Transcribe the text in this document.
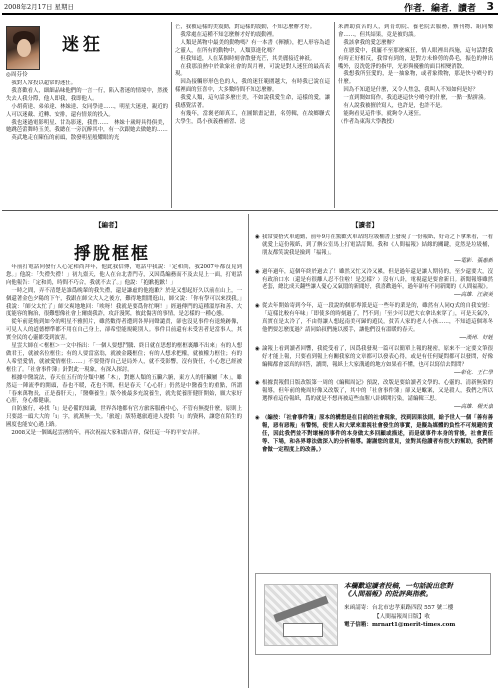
2008年2月17日 星期日	作者．編者．讀者 3
迷狂
◎周芬伶

我對人常投以超常的迷狂。

我喜歡看人，細細品味他們的一言一行，陷入著迷的情境中，然後失去人我分際，他人即我，我即他人。

小胡荷達、弟弟達、林妹達、女同學達……，明星大迷達，親近的人可以迷戴、近轉、安排，還有情景的投入。

我也迷過電影明星、甘為影迷，我曾……　林妹十歲時具得俱美，她跳芭蕾舞時玉美，我總在一旁沉醉其中，有一次跟她去做她的……

英武地走在陳伍的前頭，散發明星般耀眼的光

芒，我被這樣的美震動，對這樣的震動，不知怎麼辦才好。

我常處在這種不知怎麼辦才好的震動裡。

人類是萬物中最美的動物嗎？有一本書《揮擴》，把人形容為道之靈人，在所有的動物中，人類算進化嗎？

但我知道，人在某個時刻會散發光芒，其美麗接近神祇。

在我那浪熱中於欲象社會的異月裡，可說是對人迷狂的最高表現。

因為接觸形形色色的人，我的迷狂範圍越大，有時我已說在這樣裡面的狂喜中，大多數時間不知怎麼辦。

我愛人類，這句話多麼庄美，不如說我愛生命，這樣的愛，讓我感覺活著。

有幾年，當褒老師真工，在圖館畫記畫，名剪輯，在故鄉聯式大學生，爲小孩義務補習、送

米濟助貧苦的人，到育幼院、養老院去服務，辦刊物、組同樂會……，但其結果，竟是被約談。

我該拿我的愛怎麼辦？

在戀愛中，我屢不至那麼瘋狂，情人眼裡出西施，這句話對我有時正好相反，我常有到的，是對方未修剪的鼻毛，振色的伸出嘴外，沒洗乾淨的指甲，光彩與優雅的面目相變消散。

我想我所狂愛的，是一抽象物，或者象徵物，那是快兮噴兮的什麼。

因為不知道是什麼，又令人焦急，我叫人不知如何是好？

一直到閱如寫作，我追逐這快兮噴兮的什麼，一點一點拼湊。

有人說我被擅於寫人，也許是，也許不是。

能夠看見這件事，就夠令人迷狂。

（作者為東海大學教授）

【編者】
掙脫框框

年前打電話向發行人心定和尚拜年，他此我信傳，電話中我說：「定和尚，我2007年都沒見到您。」他說：「失禮失禮！」初九齋天，他人在台北書門寺，又因爲編務而不及去見上一面，打電話向他報告：「定和尚，時間不巧合，我就不去了。」他說：「抱歉抱歉！」

一時之間，弄不清楚是誰爲晚輩的我失禮，還是謙虛的他抱歉？於是又想起好久以前在山上，一個還著金色夕陽的下午，我跟在師父大人之後方，難得地閒閒逛山，師父說：「你有學可以來找我。」我說：「師父太忙了」師父爽地地回：「唉呀！我就是要爲你忙啊！」經過傳門的這種溫厚和善、大度能容的胸治，很難想像社會上爾虞我詐，攻訐漫罵，彼此傷害的事情，是怎樣的一種心態。

從年前延燒到如今的明星不雅照片，雖然數得者遭到各界同聲譴責，卻也沒見事件有退燒跡像，可見人人的道德標準都不用在自己身上，卻希望能規範別人。事件目前還有未受害者是當事人，其實全民的心靈都受到波害。

星雲大師在＜框框＞一文中指出：「一個人要想鬥騰、終日就在思想的框框裏離不出來」有的人想做君王，就被名位框住；有的人要當富翁，就被金錢框住；有的人想求把權，就被權力框住；有的人希望愛情，就被愛情框住……」不要覺得自己是局外人，就不受影響，沒有資任，小心您已經被框住了。「社會事件簿」針對此一現象，有深入探討。

根據中醫說法，春天在五行的分類中屬「木」，對應人類的五臟六腑，東方人的肝臟屬「木」，雖然這一陣流季的開頭，春也不暖，花也不開，但是春天「心心肝」仍然是中醫養生的重點，所謂「春來萬物長，正是養肝天」，「醫藥養生」版今後最多充說養生，就先從養肝健肝開始，願大家好心肝，身心都健康。

自防旅行，尋找「i」是必備的知識，世界各地都有官方旅客服務中心，不管有無提什麼，原則上只要認一頭大大的「i」字，就萬無一失。「旅遊」版特邀旅遊達人提供「i」的資料，讓您在陌生的國度也能安心遇上路。

2008又是一個風起雲湧的年，再次祝福大家和諧吉祥，保任這一年的平安吉祥。

【讀者】
◉ 我常要搭火車通勤，前年9月在驚歡火車站的垃圾桶書上發現了一份報紙，好奇之下拿來看，一看就愛上這份報紙，到了辦公室馬上打電話訂閱。我和《人間福報》結緣的關鍵，竟然是垃圾桶，朋友都笑說我是撿到「福報」。
──電影．張惠新
◉ 過年過年，這個年終於過去了！雖然又忙又冷又累，但是過年還是讓人期待的，至少還要大，沒有政治口水（還是有很離人忍不住啦！是怎樣？）沒有八卦，電視還是要會新日。新聞報導雖然老套，總比成天翻些讓人憂心又氣悶的新聞好，我喜歡過年，過年卻有不同新聞的《人間福報》。
──高雄．汪淑美
◉ 從去年開始寄到今年，這一段說的個那專派是這一些年的業是的，雖然有人同Q式的自我安慰：「這樣比較有年味」「即使多的時刻過了，鬥不到」「至少可以把大衣拿出來穿了」，可是天氣冷，真實在是太冷了，不由得讓人想起南美可歸的遊民，貧苦人家的老人小孩……，不知道這個寒冬他們要怎麼度過？請同給叔們施以援手，讓他們沒有溫暖的春天。
──漢州．好蛙
◉ 論報上看到讀者回響，我從受看了，因爲我發現一篇可以簡單上報的秘密，原來不一定要文筆很好才能上報，只要看到報上有關我家的文章都可以發表心得，或是有任何疑問都可以發問，好像編輯都會認真的回答，讀問，報紙上大家溝通的地方如果看不懂，也可以寫信去問問？
──彰化．王仁學
◉ 根據貴報假日版改版第一周的《編輯周記》預說，改版是要給讀者文學的、心靈的、清新無染的報導，但年前的俺周好像又改版了，其中的「社會事件簿」卻又是蠍案，又是殺人，我們之所以選擇看這份報紙，爲的就是不想再被這些血腥八卦綁開污染，請編輯三思。
──高雄．楊天嘉
◉ （編按：「社會事件簿」原本的構想是在目前的社會現象，找到因果法則，給予世人一個「善有善報，惡有惡報」有警惕，使世人和大眾來重視社會發生的事實，是擬為媒體的負性不可規避的責任，因此我們並不對壞極的事件的本身做太多回顧或描述，而是就事件本身的背後，社會責任等、下場，和各界尊法做深入的分析報導。謝謝您的意見，並對其他讀者有很大的幫助，我們將會做一定程度上的改善。）
本欄歡迎讀者投稿，一句話說出您對
《人間福報》的批評與指教。
來函請寄：台北市忠孝東路四段 557 號二樓
【人間福報周日版】收
電子信箱：mrnart1@merit-times.com
